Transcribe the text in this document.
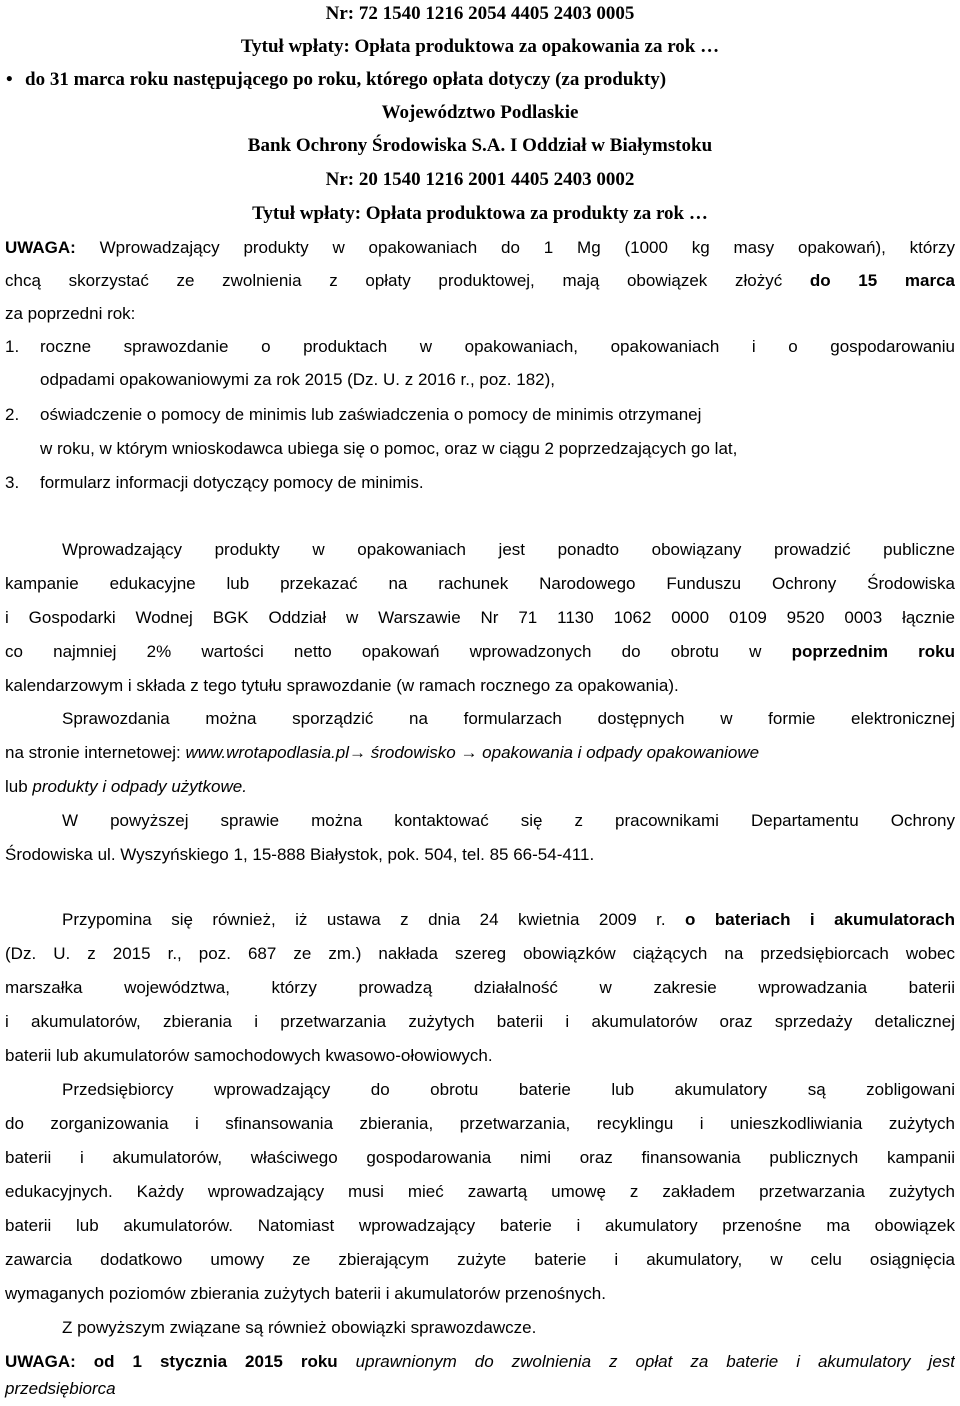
Nr: 72 1540 1216 2054 4405 2403 0005

Tytuł wpłaty: Opłata produktowa za opakowania za rok …

• do 31 marca roku następującego po roku, którego opłata dotyczy (za produkty)

Województwo Podlaskie

Bank Ochrony Środowiska S.A. I Oddział w Białymstoku

Nr: 20 1540 1216 2001 4405 2403 0002

Tytuł wpłaty: Opłata produktowa za produkty za rok …

UWAGA: Wprowadzający produkty w opakowaniach do 1 Mg (1000 kg masy opakowań), którzy
chcą skorzystać ze zwolnienia z opłaty produktowej, mają obowiązek złożyć do 15 marca
za poprzedni rok:
1. roczne sprawozdanie o produktach w opakowaniach, opakowaniach i o gospodarowaniu
odpadami opakowaniowymi za rok 2015 (Dz. U. z 2016 r., poz. 182),
2. oświadczenie o pomocy de minimis lub zaświadczenia o pomocy de minimis otrzymanej
w roku, w którym wnioskodawca ubiega się o pomoc, oraz w ciągu 2 poprzedzających go lat,
3. formularz informacji dotyczący pomocy de minimis.
Wprowadzający produkty w opakowaniach jest ponadto obowiązany prowadzić publiczne
kampanie edukacyjne lub przekazać na rachunek Narodowego Funduszu Ochrony Środowiska
i Gospodarki Wodnej BGK Oddział w Warszawie Nr 71 1130 1062 0000 0109 9520 0003 łącznie
co najmniej 2% wartości netto opakowań wprowadzonych do obrotu w poprzednim roku
kalendarzowym i składa z tego tytułu sprawozdanie (w ramach rocznego za opakowania).
Sprawozdania można sporządzić na formularzach dostępnych w formie elektronicznej
na stronie internetowej: www.wrotapodlasia.pl→ środowisko → opakowania i odpady opakowaniowe
lub produkty i odpady użytkowe.
W powyższej sprawie można kontaktować się z pracownikami Departamentu Ochrony
Środowiska ul. Wyszyńskiego 1, 15-888 Białystok, pok. 504, tel. 85 66-54-411.
Przypomina się również, iż ustawa z dnia 24 kwietnia 2009 r. o bateriach i akumulatorach
(Dz. U. z 2015 r., poz. 687 ze zm.) nakłada szereg obowiązków ciążących na przedsiębiorcach wobec
marszałka województwa, którzy prowadzą działalność w zakresie wprowadzania baterii
i akumulatorów, zbierania i przetwarzania zużytych baterii i akumulatorów oraz sprzedaży detalicznej
baterii lub akumulatorów samochodowych kwasowo-ołowiowych.
Przedsiębiorcy wprowadzający do obrotu baterie lub akumulatory są zobligowani
do zorganizowania i sfinansowania zbierania, przetwarzania, recyklingu i unieszkodliwiania zużytych
baterii i akumulatorów, właściwego gospodarowania nimi oraz finansowania publicznych kampanii
edukacyjnych. Każdy wprowadzający musi mieć zawartą umowę z zakładem przetwarzania zużytych
baterii lub akumulatorów. Natomiast wprowadzający baterie i akumulatory przenośne ma obowiązek
zawarcia dodatkowo umowy ze zbierającym zużyte baterie i akumulatory, w celu osiągnięcia
wymaganych poziomów zbierania zużytych baterii i akumulatorów przenośnych.
Z powyższym związane są również obowiązki sprawozdawcze.
UWAGA: od 1 stycznia 2015 roku uprawnionym do zwolnienia z opłat za baterie i akumulatory jest
przedsiębiorca
